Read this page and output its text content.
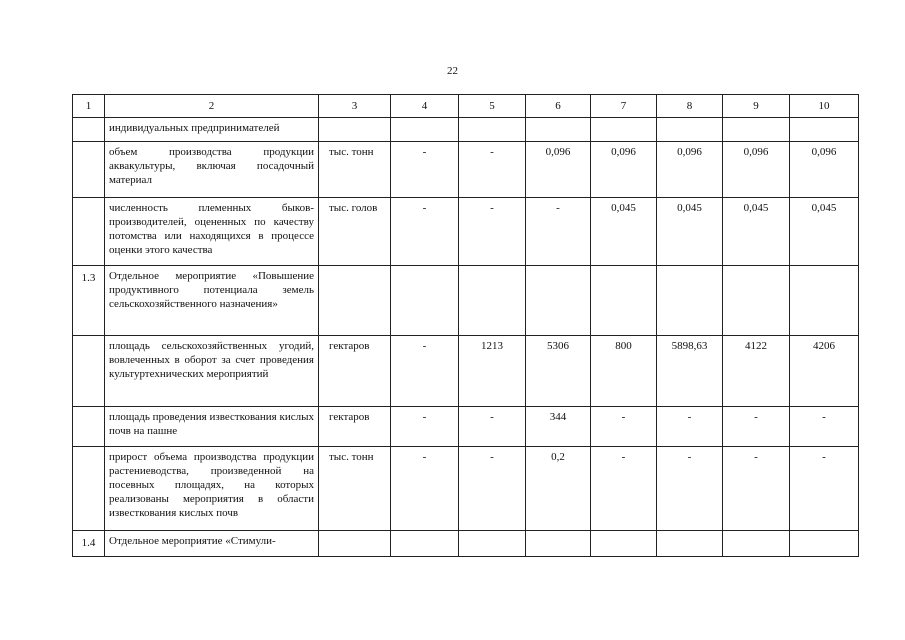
22
1	2	3	4	5	6	7	8	9	10
	индивидуальных предпринимателей								
	объем производства продукции аквакультуры, включая посадочный материал	тыс. тонн	-	-	0,096	0,096	0,096	0,096	0,096
	численность племенных быков-производителей, оцененных по качеству потомства или находящихся в процессе оценки этого качества	тыс. голов	-	-	-	0,045	0,045	0,045	0,045
1.3	Отдельное мероприятие «Повышение продуктивного потенциала земель сельскохозяйственного назначения»								
	площадь сельскохозяйственных угодий, вовлеченных в оборот за счет проведения культуртехнических мероприятий	гектаров	-	1213	5306	800	5898,63	4122	4206
	площадь проведения известкования кислых почв на пашне	гектаров	-	-	344	-	-	-	-
	прирост объема производства продукции растениеводства, произведенной на посевных площадях, на которых реализованы мероприятия в области известкования кислых почв	тыс. тонн	-	-	0,2	-	-	-	-
1.4	Отдельное мероприятие «Стимули-								
